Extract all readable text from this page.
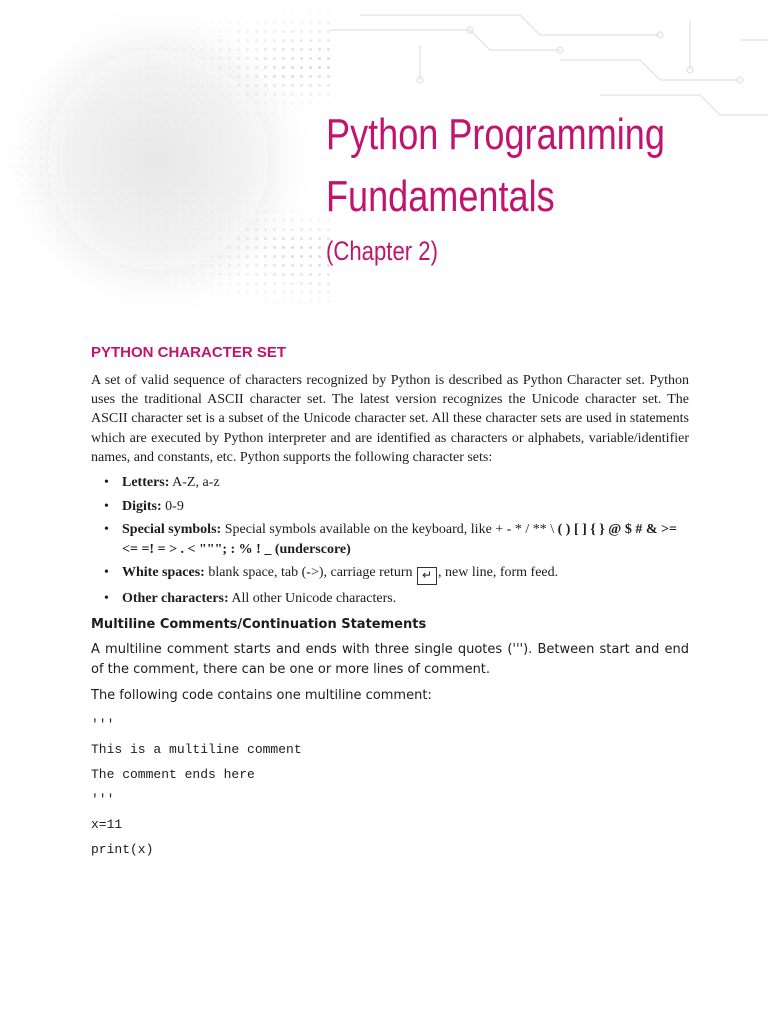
Python Programming
Fundamentals
(Chapter 2)
PYTHON CHARACTER SET

A set of valid sequence of characters recognized by Python is described as Python Character set. Python uses the traditional ASCII character set. The latest version recognizes the Unicode character set. The ASCII character set is a subset of the Unicode character set. All these character sets are used in statements which are executed by Python interpreter and are identified as characters or alphabets, variable/identifier names, and constants, etc. Python supports the following character sets:

• Letters: A-Z, a-z
• Digits: 0-9
• Special symbols: Special symbols available on the keyboard, like + - * / ** \ ( ) [ ] { } @ $ # & >= <= =! = > . < """; : % ! _ (underscore)
• White spaces: blank space, tab (->), carriage return ↵ , new line, form feed.
• Other characters: All other Unicode characters.
Multiline Comments/Continuation Statements

A multiline comment starts and ends with three single quotes ('''). Between start and end of the comment, there can be one or more lines of comment.

The following code contains one multiline comment:

'''
This is a multiline comment
The comment ends here
'''
x=11
print(x)
